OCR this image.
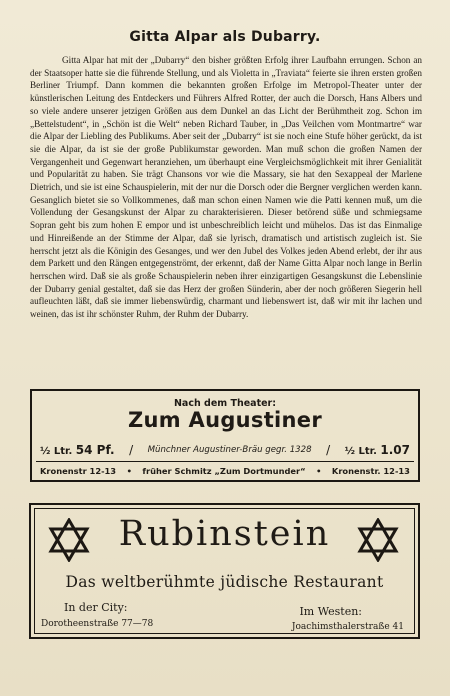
Gitta Alpar als Dubarry.
Gitta Alpar hat mit der „Dubarry“ den bisher größten Erfolg ihrer Laufbahn errungen. Schon an der Staatsoper hatte sie die führende Stellung, und als Violetta in „Traviata“ feierte sie ihren ersten großen Berliner Triumpf. Dann kommen die bekannten großen Erfolge im Metropol-Theater unter der künstlerischen Leitung des Entdeckers und Führers Alfred Rotter, der auch die Dorsch, Hans Albers und so viele andere unserer jetzigen Größen aus dem Dunkel an das Licht der Berühmtheit zog. Schon im „Bettelstudent“, in „Schön ist die Welt“ neben Richard Tauber, in „Das Veilchen vom Montmartre“ war die Alpar der Liebling des Publikums. Aber seit der „Dubarry“ ist sie noch eine Stufe höher gerückt, da ist sie die Alpar, da ist sie der große Publikumstar geworden. Man muß schon die großen Namen der Vergangenheit und Gegenwart heranziehen, um überhaupt eine Vergleichsmöglichkeit mit ihrer Genialität und Popularität zu haben. Sie trägt Chansons vor wie die Massary, sie hat den Sexappeal der Marlene Dietrich, und sie ist eine Schauspielerin, mit der nur die Dorsch oder die Bergner verglichen werden kann. Gesanglich bietet sie so Vollkommenes, daß man schon einen Namen wie die Patti kennen muß, um die Vollendung der Gesangskunst der Alpar zu charakterisieren. Dieser betörend süße und schmiegsame Sopran geht bis zum hohen E empor und ist unbeschreiblich leicht und mühelos. Das ist das Einmalige und Hinreißende an der Stimme der Alpar, daß sie lyrisch, dramatisch und artistisch zugleich ist. Sie herrscht jetzt als die Königin des Gesanges, und wer den Jubel des Volkes jeden Abend erlebt, der ihr aus dem Parkett und den Rängen entgegenströmt, der erkennt, daß der Name Gitta Alpar noch lange in Berlin herrschen wird. Daß sie als große Schauspielerin neben ihrer einzigartigen Gesangskunst die Lebenslinie der Dubarry genial gestaltet, daß sie das Herz der großen Sünderin, aber der noch größeren Siegerin hell aufleuchten läßt, daß sie immer liebenswürdig, charmant und liebenswert ist, daß wir mit ihr lachen und weinen, das ist ihr schönster Ruhm, der Ruhm der Dubarry.
Nach dem Theater:
Zum Augustiner
½ Ltr. 54 Pf. / Münchner Augustiner-Bräu gegr. 1328 / ½ Ltr. 1.07
Kronenstr 12-13 • früher Schmitz „Zum Dortmunder“ • Kronenstr. 12-13
Rubinstein
Das weltberühmte jüdische Restaurant
In der City:
Dorotheenstraße 77—78
Im Westen:
Joachimsthalerstraße 41
